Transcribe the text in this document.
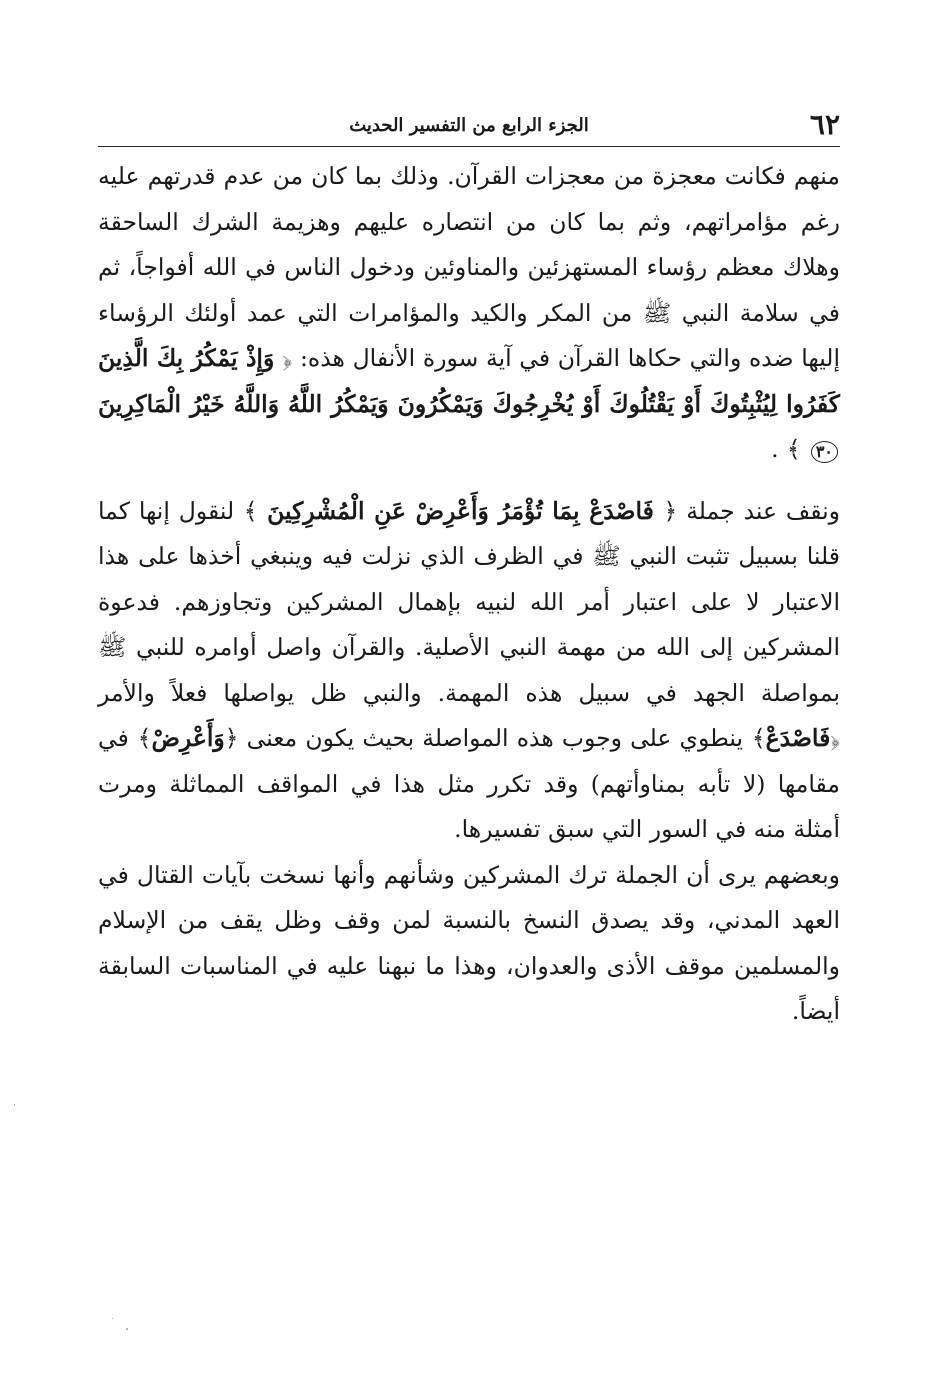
٦٢
الجزء الرابع من التفسير الحديث

منهم فكانت معجزة من معجزات القرآن. وذلك بما كان من عدم قدرتهم عليه رغم مؤامراتهم، وثم بما كان من انتصاره عليهم وهزيمة الشرك الساحقة وهلاك معظم رؤساء المستهزئين والمناوئين ودخول الناس في الله أفواجاً، ثم في سلامة النبي ﷺ من المكر والكيد والمؤامرات التي عمد أولئك الرؤساء إليها ضده والتي حكاها القرآن في آية سورة الأنفال هذه: ﴿ وَإِذْ يَمْكُرُ بِكَ الَّذِينَ كَفَرُوا لِيُثْبِتُوكَ أَوْ يَقْتُلُوكَ أَوْ يُخْرِجُوكَ وَيَمْكُرُونَ وَيَمْكُرُ اللَّهُ وَاللَّهُ خَيْرُ الْمَاكِرِينَ ٣٠ ﴾ .

ونقف عند جملة ﴿ فَاصْدَعْ بِمَا تُؤْمَرُ وَأَعْرِضْ عَنِ الْمُشْرِكِينَ ﴾ لنقول إنها كما قلنا بسبيل تثبت النبي ﷺ في الظرف الذي نزلت فيه وينبغي أخذها على هذا الاعتبار لا على اعتبار أمر الله لنبيه بإهمال المشركين وتجاوزهم. فدعوة المشركين إلى الله من مهمة النبي الأصلية. والقرآن واصل أوامره للنبي ﷺ بمواصلة الجهد في سبيل هذه المهمة. والنبي ظل يواصلها فعلاً والأمر ﴿فَاصْدَعْ﴾ ينطوي على وجوب هذه المواصلة بحيث يكون معنى ﴿وَأَعْرِضْ﴾ في مقامها (لا تأبه بمناوأتهم) وقد تكرر مثل هذا في المواقف المماثلة ومرت أمثلة منه في السور التي سبق تفسيرها.

وبعضهم يرى أن الجملة ترك المشركين وشأنهم وأنها نسخت بآيات القتال في العهد المدني، وقد يصدق النسخ بالنسبة لمن وقف وظل يقف من الإسلام والمسلمين موقف الأذى والعدوان، وهذا ما نبهنا عليه في المناسبات السابقة أيضاً.
